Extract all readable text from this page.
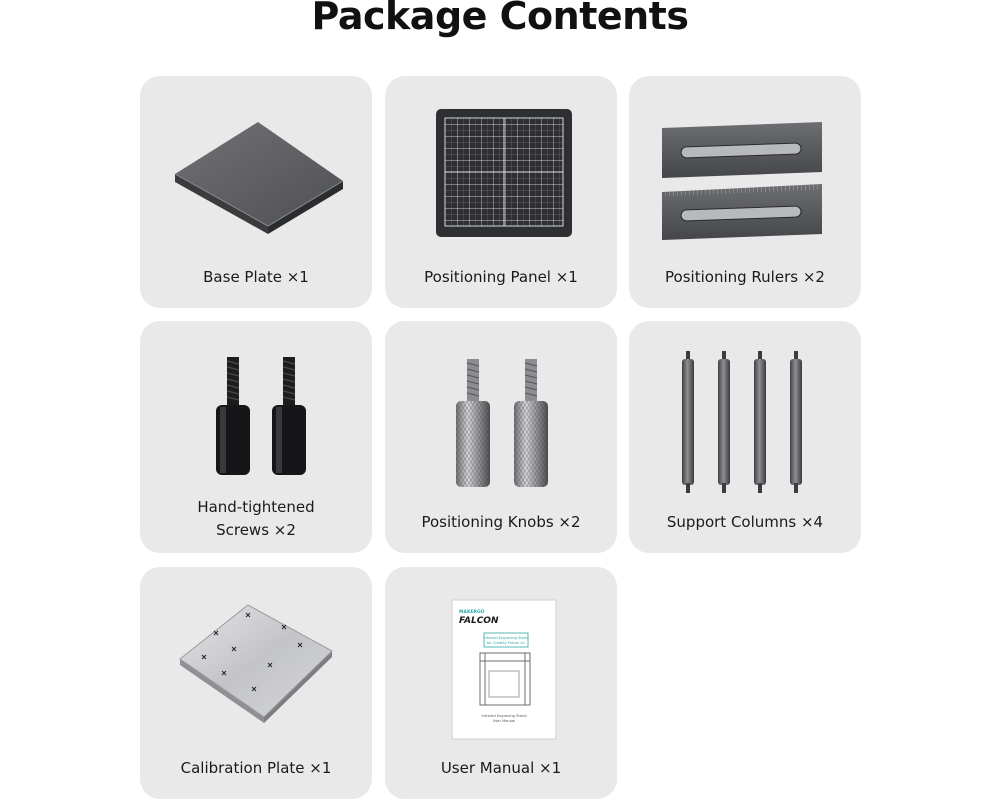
Package Contents
Base Plate ×1	Positioning Panel ×1	Positioning Rulers ×2
Hand-tightened
Screws ×2	Positioning Knobs ×2	Support Columns ×4
Calibration Plate ×1
MAKERGO
FALCON
Infrared Engraving Stand
for Creality Falcon A1
Infrared Engraving Stand
User Manual
User Manual ×1
